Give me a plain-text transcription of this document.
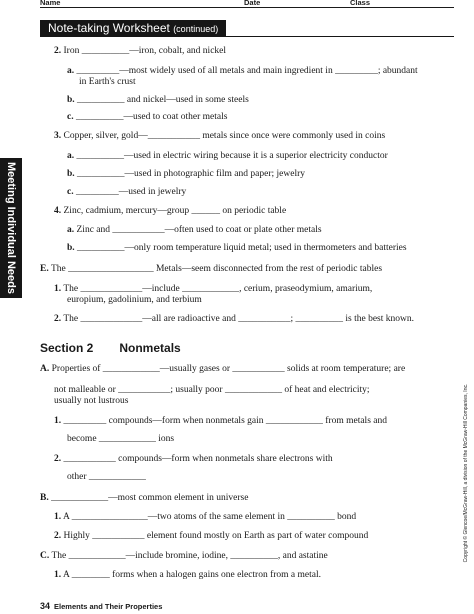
Name	Date	Class
Note-taking Worksheet (continued)
Meeting Individual Needs
Copyright © Glencoe/McGraw-Hill, a division of the McGraw-Hill Companies, Inc.
2. Iron __________—iron, cobalt, and nickel
a. _________—most widely used of all metals and main ingredient in _________; abundant
in Earth's crust
b. __________ and nickel—used in some steels
c. __________—used to coat other metals
3. Copper, silver, gold—___________ metals since once were commonly used in coins
a. __________—used in electric wiring because it is a superior electricity conductor
b. __________—used in photographic film and paper; jewelry
c. _________—used in jewelry
4. Zinc, cadmium, mercury—group ______ on periodic table
a. Zinc and ___________—often used to coat or plate other metals
b. __________—only room temperature liquid metal; used in thermometers and batteries
E. The __________________ Metals—seem disconnected from the rest of periodic tables
1. The _____________—include ____________, cerium, praseodymium, amarium,
europium, gadolinium, and terbium
2. The _____________—all are radioactive and ___________; __________ is the best known.
Section 2 Nonmetals
A. Properties of ____________—usually gases or ___________ solids at room temperature; are
not malleable or ___________; usually poor ____________ of heat and electricity;
usually not lustrous
1. _________ compounds—form when nonmetals gain ____________ from metals and
become ____________ ions
2. ___________ compounds—form when nonmetals share electrons with
other ____________
B. ____________—most common element in universe
1. A ________________—two atoms of the same element in __________ bond
2. Highly ___________ element found mostly on Earth as part of water compound
C. The ____________—include bromine, iodine, __________, and astatine
1. A ________ forms when a halogen gains one electron from a metal.
34 Elements and Their Properties
